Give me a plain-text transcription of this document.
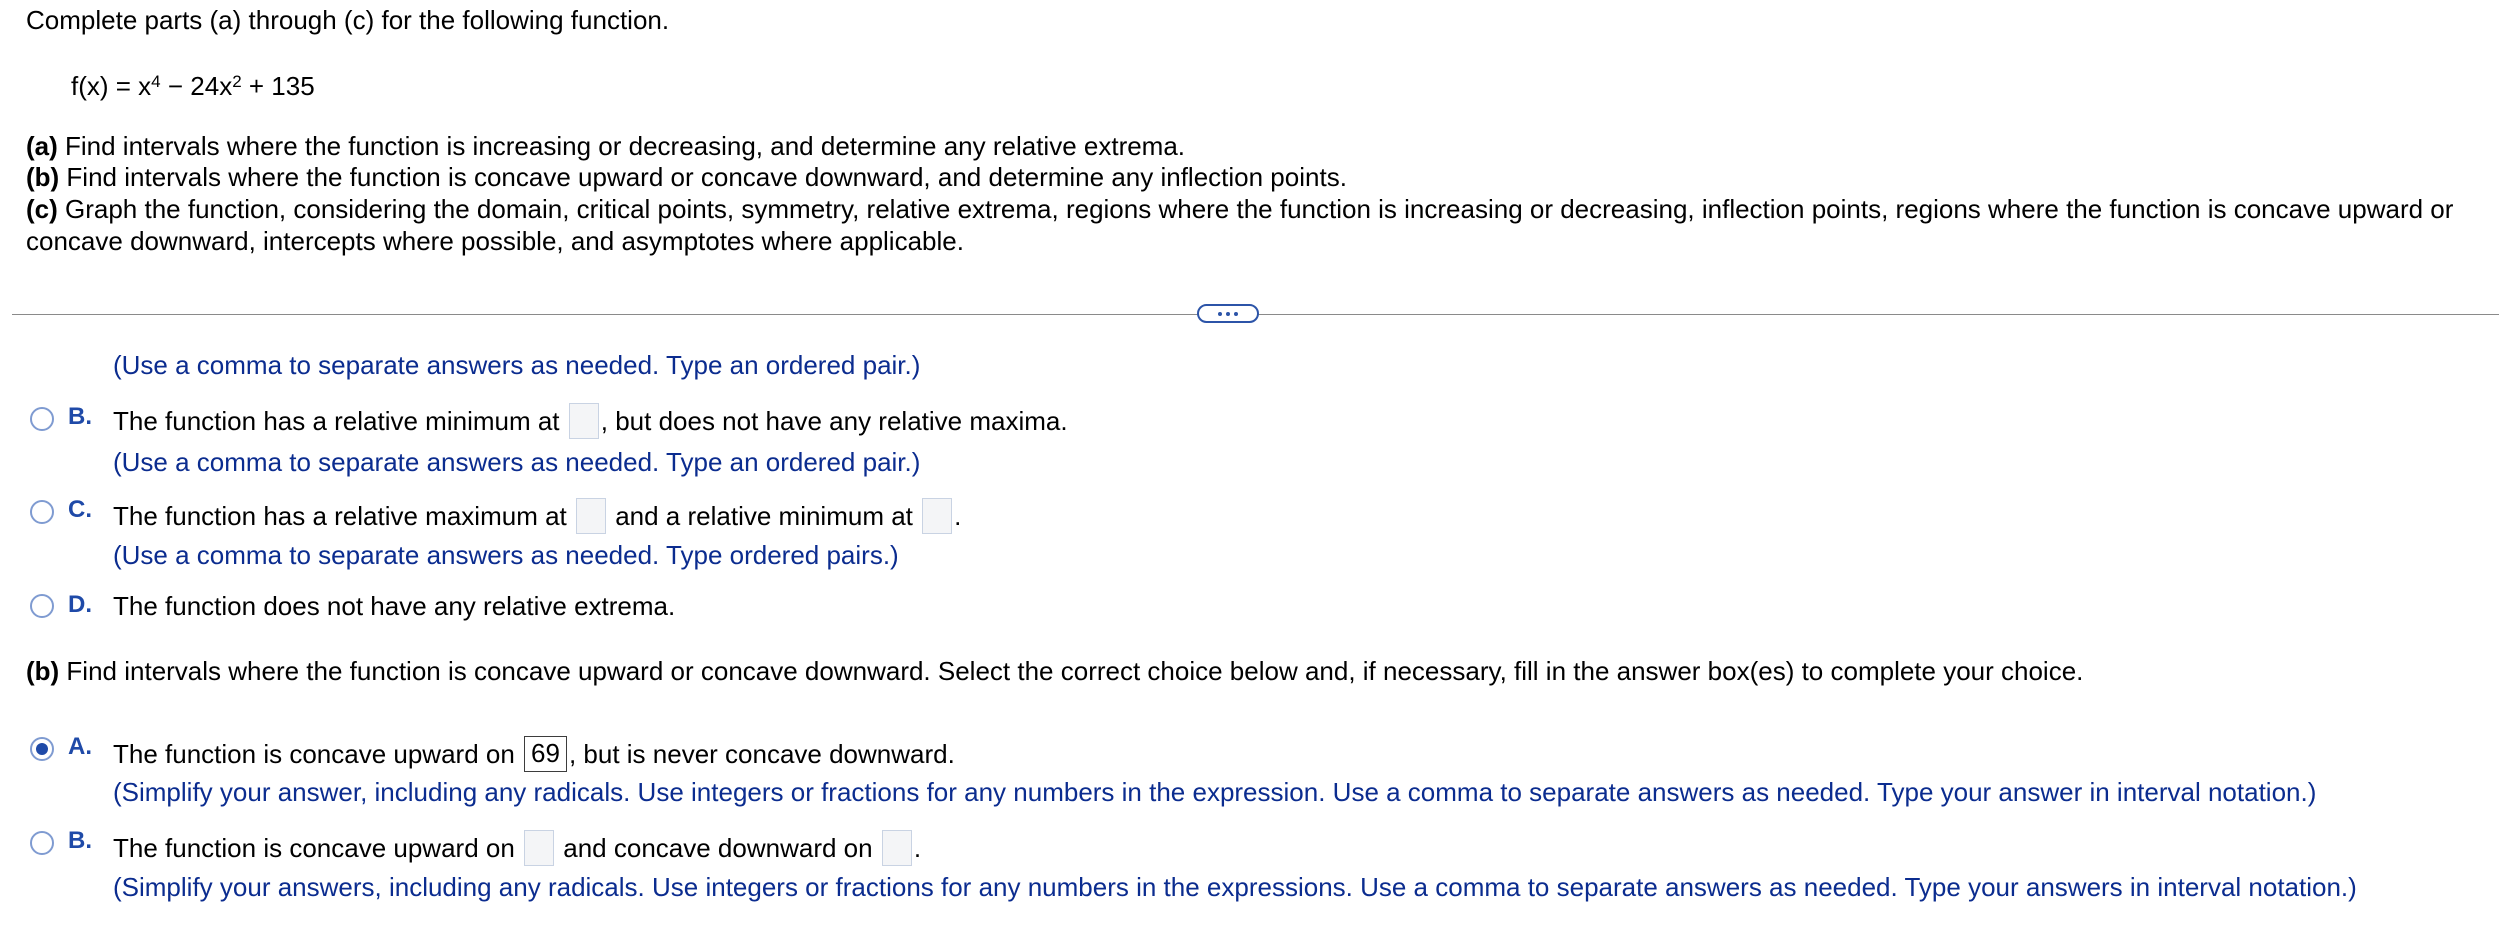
Complete parts (a) through (c) for the following function.
$f(x) = x^4 - 24x^2 + 135$
(a) Find intervals where the function is increasing or decreasing, and determine any relative extrema.
(b) Find intervals where the function is concave upward or concave downward, and determine any inflection points.
(c) Graph the function, considering the domain, critical points, symmetry, relative extrema, regions where the function is increasing or decreasing, inflection points, regions where the function is concave upward or
concave downward, intercepts where possible, and asymptotes where applicable.
(Use a comma to separate answers as needed. Type an ordered pair.)
B. The function has a relative minimum at , but does not have any relative maxima.
(Use a comma to separate answers as needed. Type an ordered pair.)
C. The function has a relative maximum at  and a relative minimum at .
(Use a comma to separate answers as needed. Type ordered pairs.)
D. The function does not have any relative extrema.
(b) Find intervals where the function is concave upward or concave downward. Select the correct choice below and, if necessary, fill in the answer box(es) to complete your choice.
A. The function is concave upward on 69 , but is never concave downward.
(Simplify your answer, including any radicals. Use integers or fractions for any numbers in the expression. Use a comma to separate answers as needed. Type your answer in interval notation.)
B. The function is concave upward on  and concave downward on .
(Simplify your answers, including any radicals. Use integers or fractions for any numbers in the expressions. Use a comma to separate answers as needed. Type your answers in interval notation.)
